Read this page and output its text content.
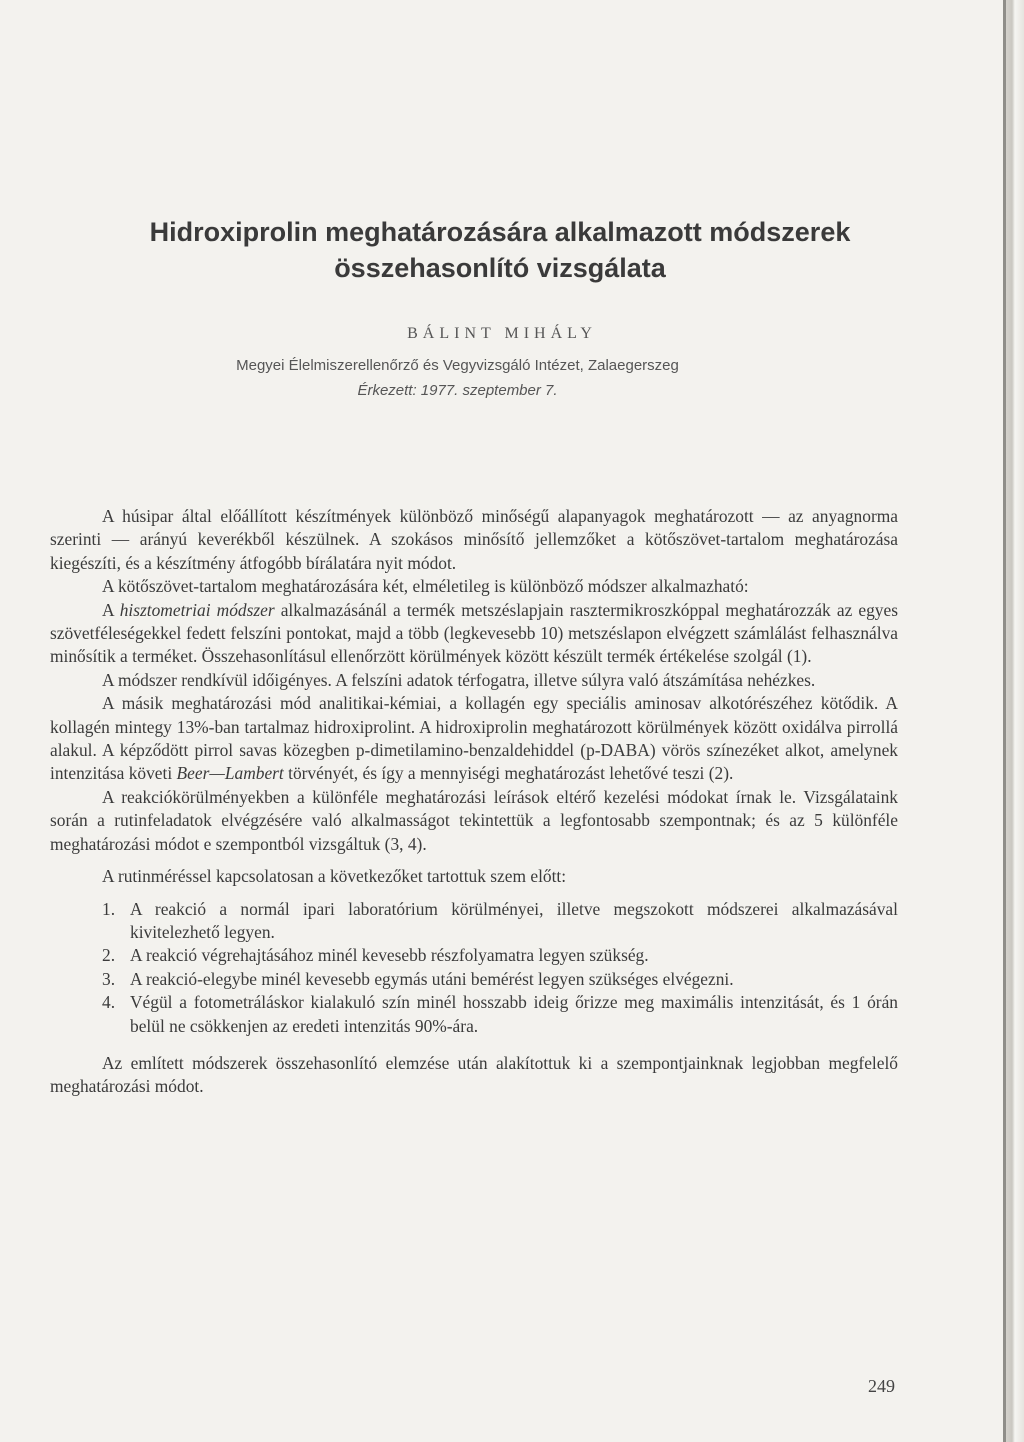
Hidroxiprolin meghatározására alkalmazott módszerek
összehasonlító vizsgálata
BÁLINT MIHÁLY
Megyei Élelmiszerellenőrző és Vegyvizsgáló Intézet, Zalaegerszeg
Érkezett: 1977. szeptember 7.

A húsipar által előállított készítmények különböző minőségű alapanyagok meghatározott — az anyagnorma szerinti — arányú keverékből készülnek. A szokásos minősítő jellemzőket a kötőszövet-tartalom meghatározása kiegészíti, és a készítmény átfogóbb bírálatára nyit módot.

A kötőszövet-tartalom meghatározására két, elméletileg is különböző módszer alkalmazható:

A hisztometriai módszer alkalmazásánál a termék metszéslapjain rasztermikroszkóppal meghatározzák az egyes szövetféleségekkel fedett felszíni pontokat, majd a több (legkevesebb 10) metszéslapon elvégzett számlálást felhasználva minősítik a terméket. Összehasonlításul ellenőrzött körülmények között készült termék értékelése szolgál (1).

A módszer rendkívül időigényes. A felszíni adatok térfogatra, illetve súlyra való átszámítása nehézkes.

A másik meghatározási mód analitikai-kémiai, a kollagén egy speciális aminosav alkotórészéhez kötődik. A kollagén mintegy 13%-ban tartalmaz hidroxiprolint. A hidroxiprolin meghatározott körülmények között oxidálva pirrollá alakul. A képződött pirrol savas közegben p-dimetilamino-benzaldehiddel (p-DABA) vörös színezéket alkot, amelynek intenzitása követi Beer—Lambert törvényét, és így a mennyiségi meghatározást lehetővé teszi (2).

A reakciókörülményekben a különféle meghatározási leírások eltérő kezelési módokat írnak le. Vizsgálataink során a rutinfeladatok elvégzésére való alkalmasságot tekintettük a legfontosabb szempontnak; és az 5 különféle meghatározási módot e szempontból vizsgáltuk (3, 4).

A rutinméréssel kapcsolatosan a következőket tartottuk szem előtt:

1. A reakció a normál ipari laboratórium körülményei, illetve megszokott módszerei alkalmazásával kivitelezhető legyen.
2. A reakció végrehajtásához minél kevesebb részfolyamatra legyen szükség.
3. A reakció-elegybe minél kevesebb egymás utáni bemérést legyen szükséges elvégezni.
4. Végül a fotometráláskor kialakuló szín minél hosszabb ideig őrizze meg maximális intenzitását, és 1 órán belül ne csökkenjen az eredeti intenzitás 90%-ára.

Az említett módszerek összehasonlító elemzése után alakítottuk ki a szempontjainknak legjobban megfelelő meghatározási módot.

249
